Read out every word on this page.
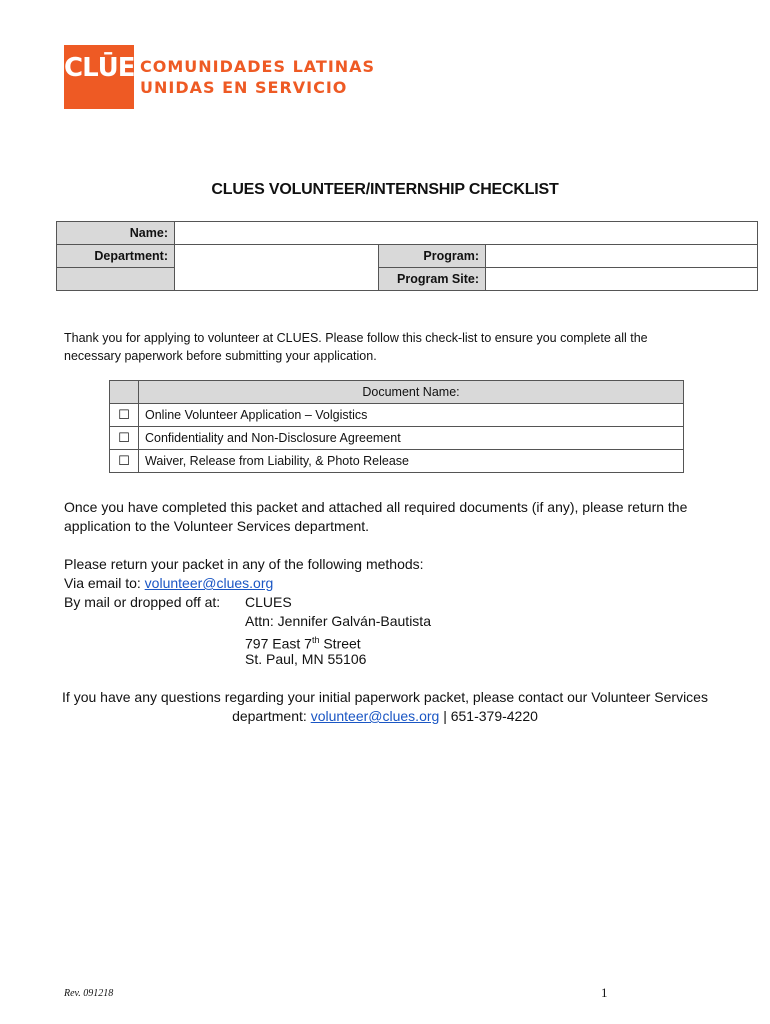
CLŪES
COMUNIDADES LATINAS
UNIDAS EN SERVICIO
CLUES VOLUNTEER/INTERNSHIP CHECKLIST
Name:			
Department:		Program:	
		Program Site:	
Thank you for applying to volunteer at CLUES. Please follow this check-list to ensure you complete all the necessary paperwork before submitting your application.
	Document Name:
☐	Online Volunteer Application – Volgistics
☐	Confidentiality and Non-Disclosure Agreement
☐	Waiver, Release from Liability, & Photo Release
Once you have completed this packet and attached all required documents (if any), please return the
application to the Volunteer Services department.
Please return your packet in any of the following methods:
Via email to: volunteer@clues.org
By mail or dropped off at: CLUES
Attn: Jennifer Galván-Bautista
797 East 7th Street
St. Paul, MN 55106
If you have any questions regarding your initial paperwork packet, please contact our Volunteer Services
department: volunteer@clues.org | 651-379-4220
Rev. 091218	1
